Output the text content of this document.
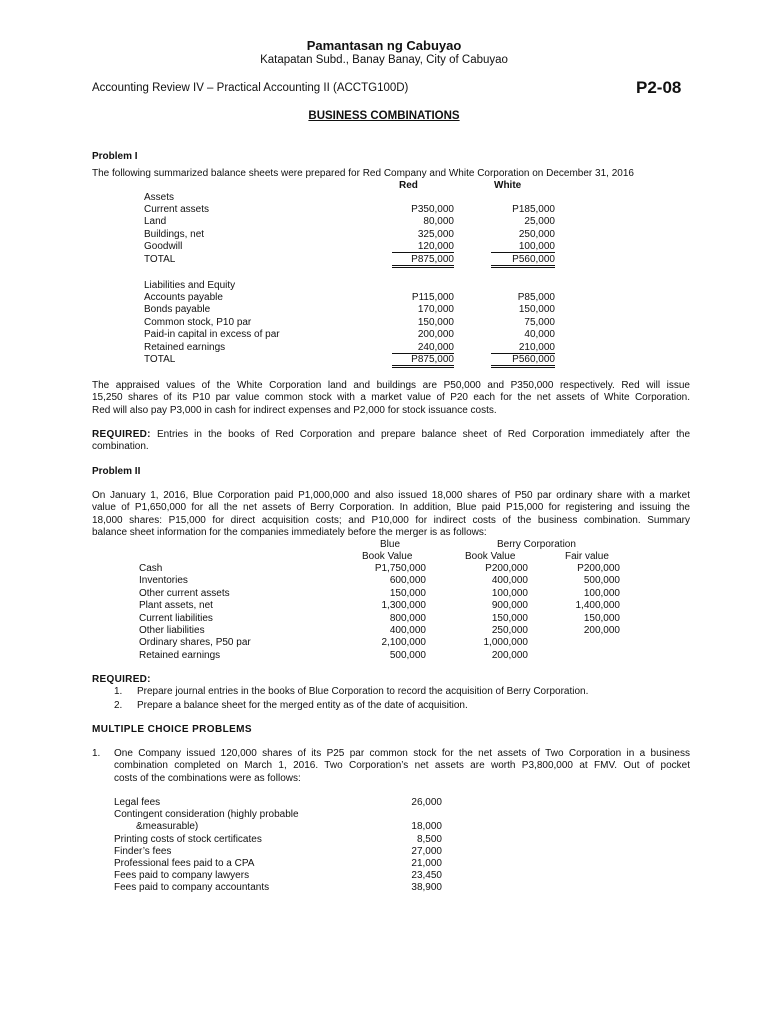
Pamantasan ng Cabuyao
Katapatan Subd., Banay Banay, City of Cabuyao
Accounting Review IV – Practical Accounting II (ACCTG100D)	P2-08
BUSINESS COMBINATIONS
Problem I
The following summarized balance sheets were prepared for Red Company and White Corporation on December 31, 2016
Red	White
Assets
Current assets	P350,000	P185,000
Land	80,000	25,000
Buildings, net	325,000	250,000
Goodwill	120,000	100,000
TOTAL	P875,000	P560,000
Liabilities and Equity
Accounts payable	P115,000	P85,000
Bonds payable	170,000	150,000
Common stock, P10 par	150,000	75,000
Paid-in capital in excess of par	200,000	40,000
Retained earnings	240,000	210,000
TOTAL	P875,000	P560,000
The appraised values of the White Corporation land and buildings are P50,000 and P350,000 respectively. Red will issue
15,250 shares of its P10 par value common stock with a market value of P20 each for the net assets of White Corporation.
Red will also pay P3,000 in cash for indirect expenses and P2,000 for stock issuance costs.
REQUIRED: Entries in the books of Red Corporation and prepare balance sheet of Red Corporation immediately after the
combination.
Problem II
On January 1, 2016, Blue Corporation paid P1,000,000 and also issued 18,000 shares of P50 par ordinary share with a market
value of P1,650,000 for all the net assets of Berry Corporation. In addition, Blue paid P15,000 for registering and issuing the
18,000 shares: P15,000 for direct acquisition costs; and P10,000 for indirect costs of the business combination. Summary
balance sheet information for the companies immediately before the merger is as follows:
Blue	Berry Corporation
Book Value	Book Value	Fair value
Cash	P1,750,000	P200,000	P200,000
Inventories	600,000	400,000	500,000
Other current assets	150,000	100,000	100,000
Plant assets, net	1,300,000	900,000	1,400,000
Current liabilities	800,000	150,000	150,000
Other liabilities	400,000	250,000	200,000
Ordinary shares, P50 par	2,100,000	1,000,000
Retained earnings	500,000	200,000
REQUIRED:
1. Prepare journal entries in the books of Blue Corporation to record the acquisition of Berry Corporation.
2. Prepare a balance sheet for the merged entity as of the date of acquisition.
MULTIPLE CHOICE PROBLEMS
1. One Company issued 120,000 shares of its P25 par common stock for the net assets of Two Corporation in a business
combination completed on March 1, 2016. Two Corporation’s net assets are worth P3,800,000 at FMV. Out of pocket
costs of the combinations were as follows:
Legal fees	26,000
Contingent consideration (highly probable
&measurable)	18,000
Printing costs of stock certificates	8,500
Finder’s fees	27,000
Professional fees paid to a CPA	21,000
Fees paid to company lawyers	23,450
Fees paid to company accountants	38,900
